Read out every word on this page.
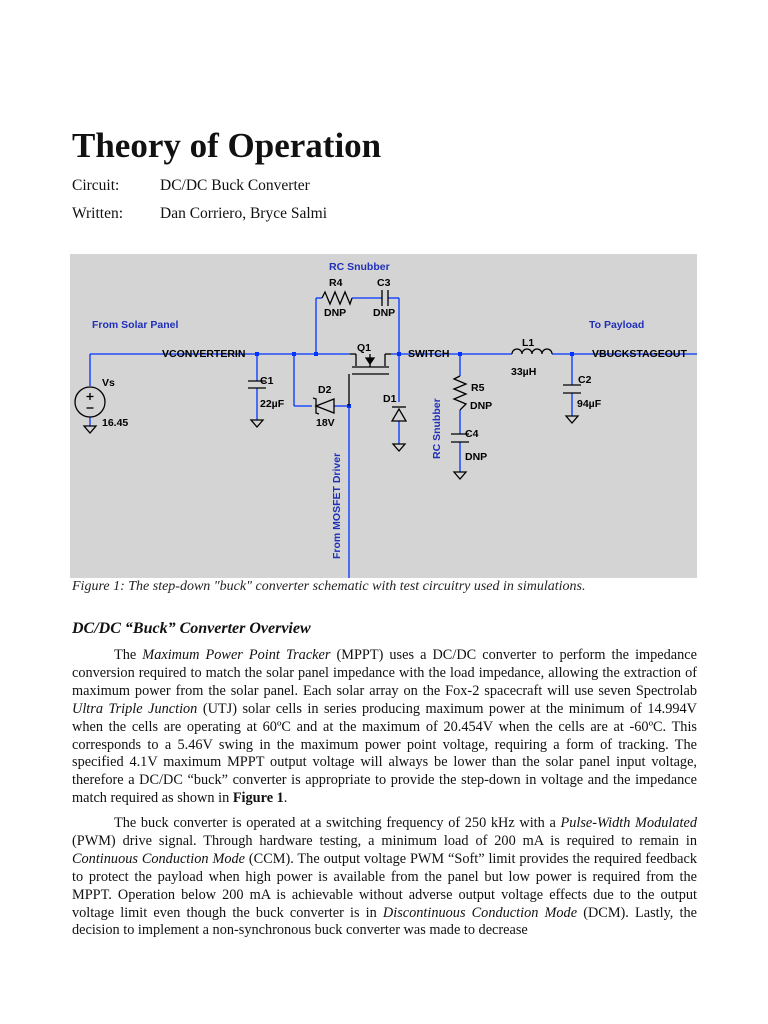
Theory of Operation
Circuit:	DC/DC Buck Converter
Written: Dan Corriero, Bryce Salmi
RC Snubber
From Solar Panel	To Payload
RC Snubber
From MOSFET Driver
VCONVERTERIN	SWITCH	VBUCKSTAGEOUT
R4
DNP
C3
DNP
Q1	L1
33µH
Vs
16.45
C1
22µF
D2
18V
D1
R5
DNP
C4
DNP
C2
94µF
Figure 1: The step-down "buck" converter schematic with test circuitry used in simulations.
DC/DC “Buck” Converter Overview

The Maximum Power Point Tracker (MPPT) uses a DC/DC converter to perform the impedance conversion required to match the solar panel impedance with the load impedance, allowing the extraction of maximum power from the solar panel. Each solar array on the Fox-2 spacecraft will use seven Spectrolab Ultra Triple Junction (UTJ) solar cells in series producing maximum power at the minimum of 14.994V when the cells are operating at 60ºC and at the maximum of 20.454V when the cells are at -60ºC. This corresponds to a 5.46V swing in the maximum power point voltage, requiring a form of tracking. The specified 4.1V maximum MPPT output voltage will always be lower than the solar panel input voltage, therefore a DC/DC “buck” converter is appropriate to provide the step-down in voltage and the impedance match required as shown in Figure 1.

The buck converter is operated at a switching frequency of 250 kHz with a Pulse-Width Modulated (PWM) drive signal. Through hardware testing, a minimum load of 200 mA is required to remain in Continuous Conduction Mode (CCM). The output voltage PWM “Soft” limit provides the required feedback to protect the payload when high power is available from the panel but low power is required from the MPPT. Operation below 200 mA is achievable without adverse output voltage effects due to the output voltage limit even though the buck converter is in Discontinuous Conduction Mode (DCM). Lastly, the decision to implement a non-synchronous buck converter was made to decrease
